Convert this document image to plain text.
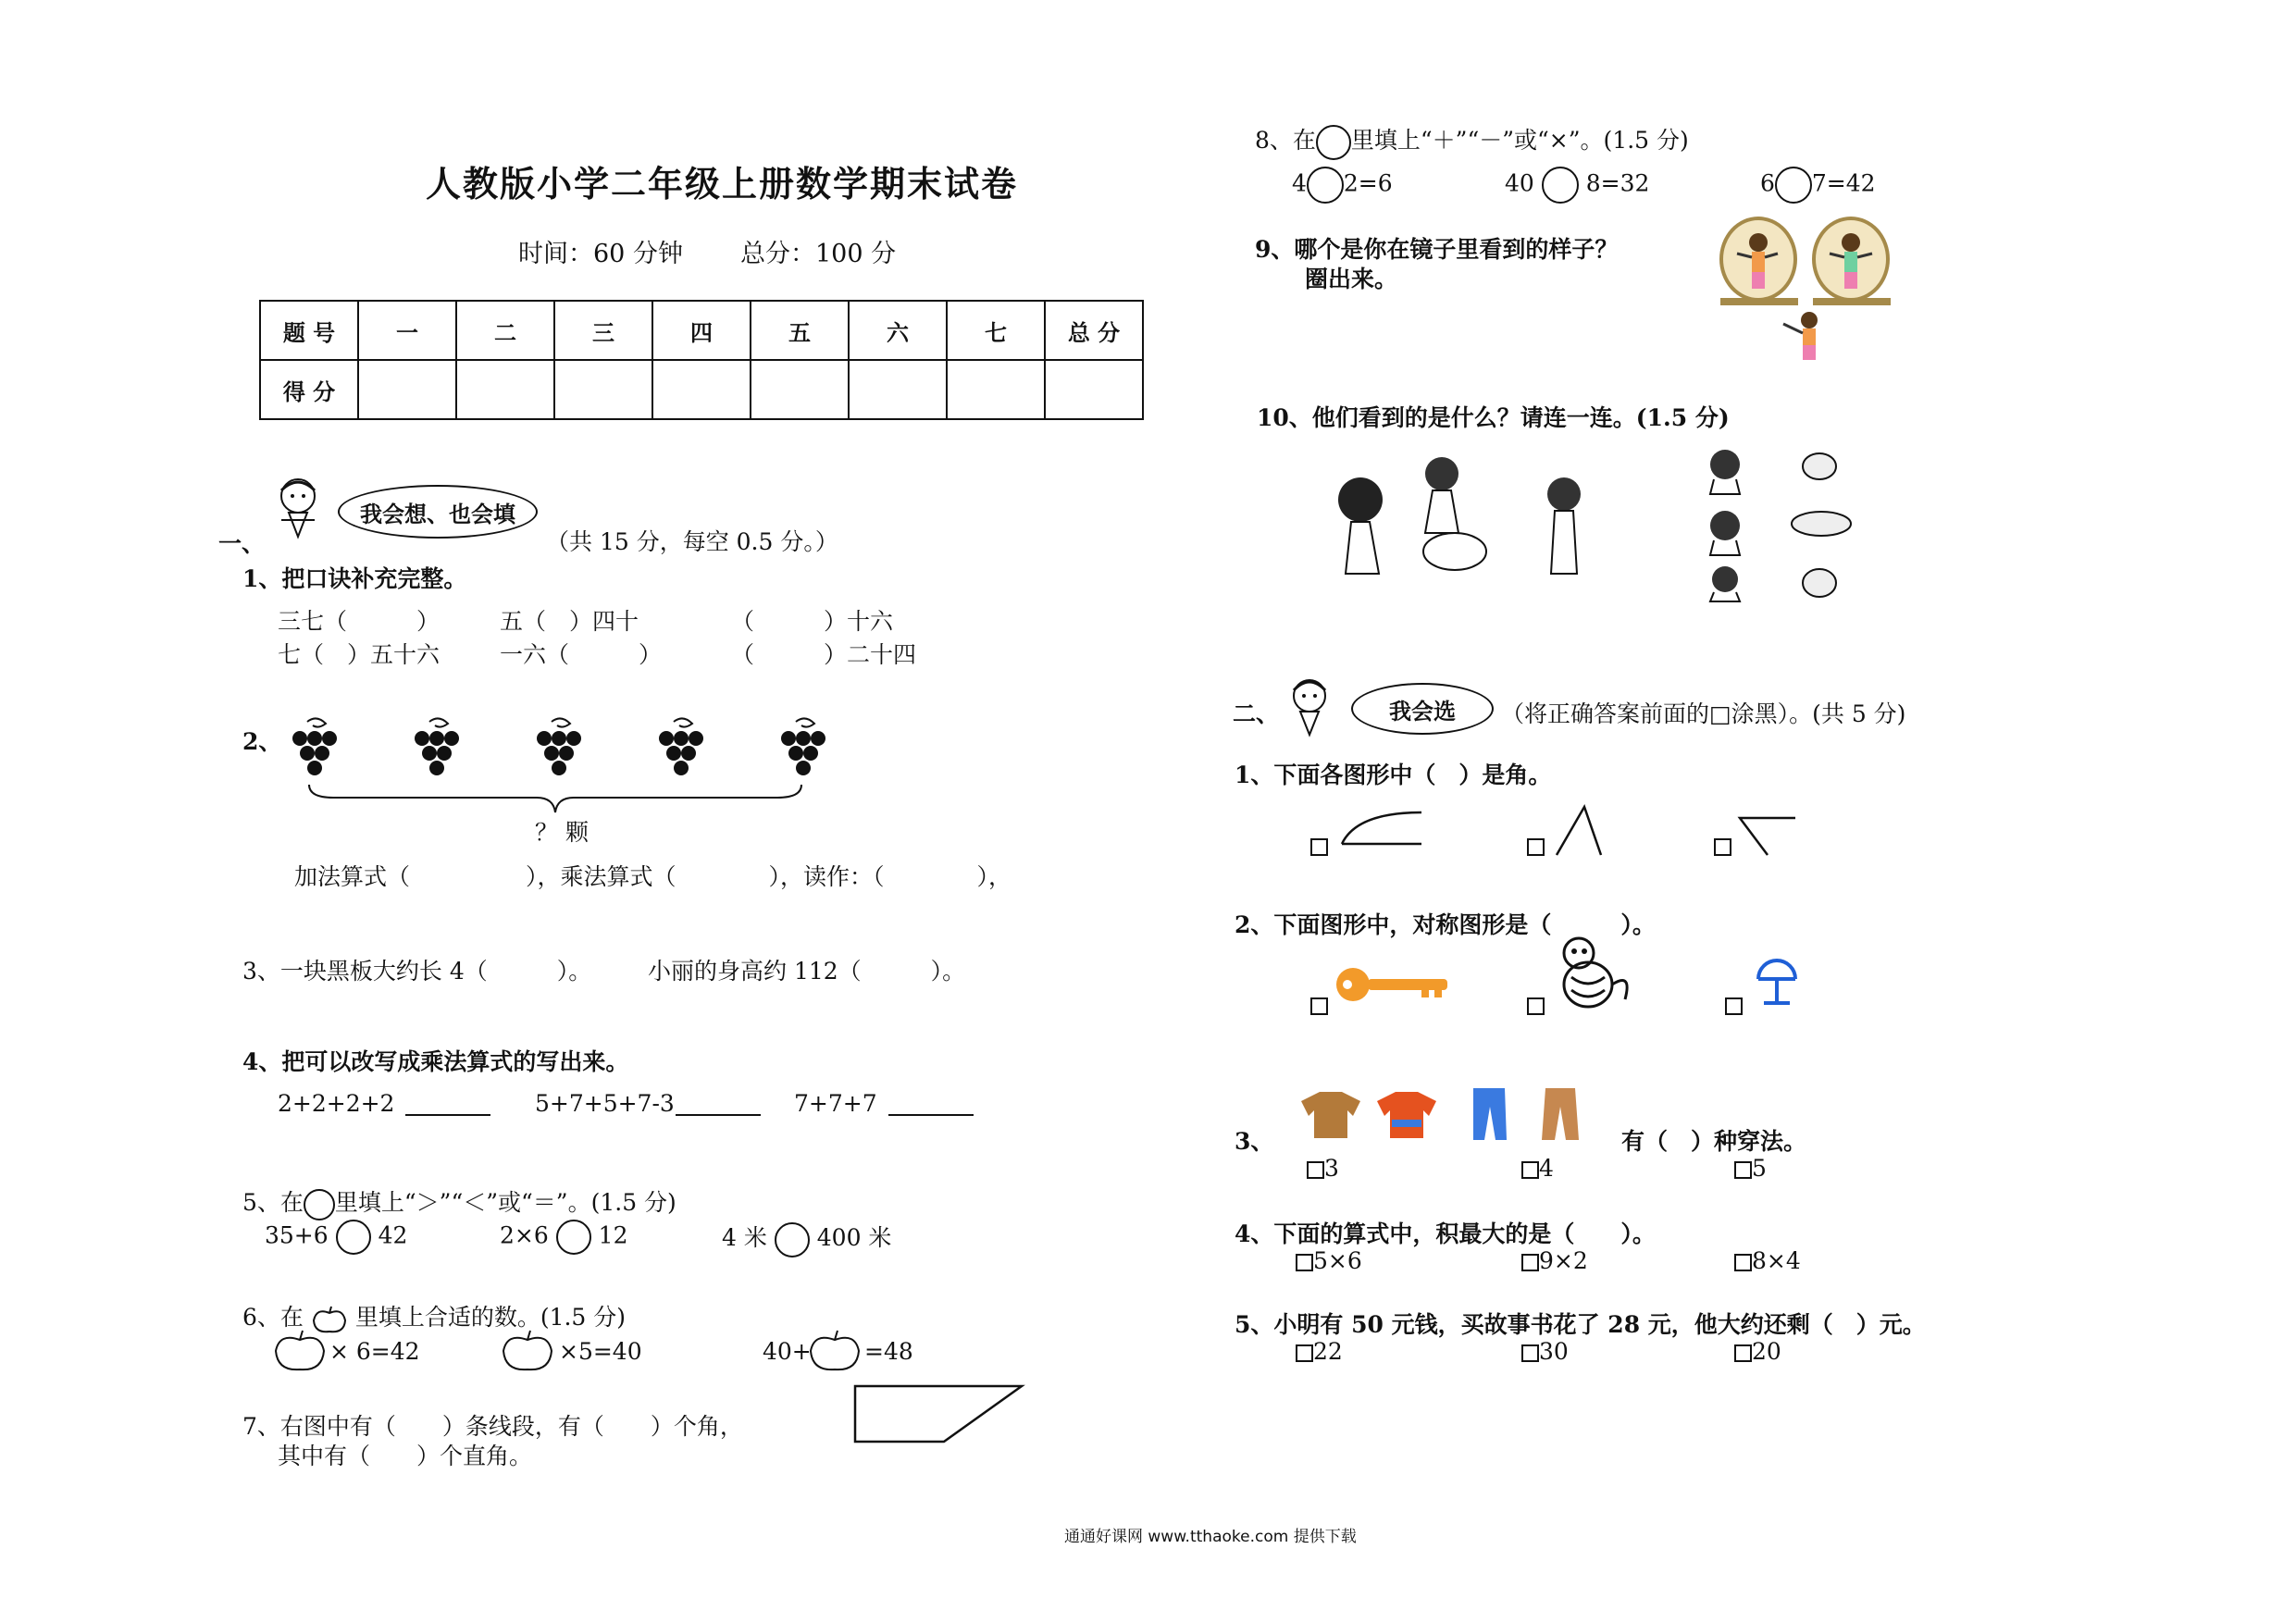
人教版小学二年级上册数学期末试卷
时间：60 分钟 总分：100 分
题 号	一	二	三	四	五	六	七	总 分
得 分								
一、
我会想、也会填
（共 15 分，每空 0.5 分。）
1、把口诀补充完整。
三七（　　　）	五（　）四十	（　　　）十六
七（　）五十六	一六（　　　）	（　　　）二十四
2、
？ 颗
加法算式（　　　　　），乘法算式（　　　　），读作：（　　　　），
3、一块黑板大约长 4（　　　）。 小丽的身高约 112（　　　）。
4、把可以改写成乘法算式的写出来。
2+2+2+2	5+7+5+7-3	7+7+7
5、在 里填上“＞”“＜”或“＝”。(1.5 分)
35+6 42	2×6 12	4 米 400 米
6、在 里填上合适的数。(1.5 分)
× 6=42	×5=40	40+ =48
7、右图中有（　　）条线段，有（　　）个角，
其中有（　　）个直角。
8、在 里填上“＋”“－”或“×”。(1.5 分)
4 2=6	40 8=32	6 7=42
9、哪个是你在镜子里看到的样子？
圈出来。
10、他们看到的是什么？请连一连。(1.5 分)
二、	我会选	（将正确答案前面的□涂黑）。(共 5 分)
1、下面各图形中（　）是角。
2、下面图形中，对称图形是（　　　）。
3、	有（　）种穿法。
3	4	5
4、下面的算式中，积最大的是（　　）。
5×6	9×2	8×4
5、小明有 50 元钱，买故事书花了 28 元，他大约还剩（　）元。
22	30	20
通通好课网 www.tthaoke.com 提供下载
